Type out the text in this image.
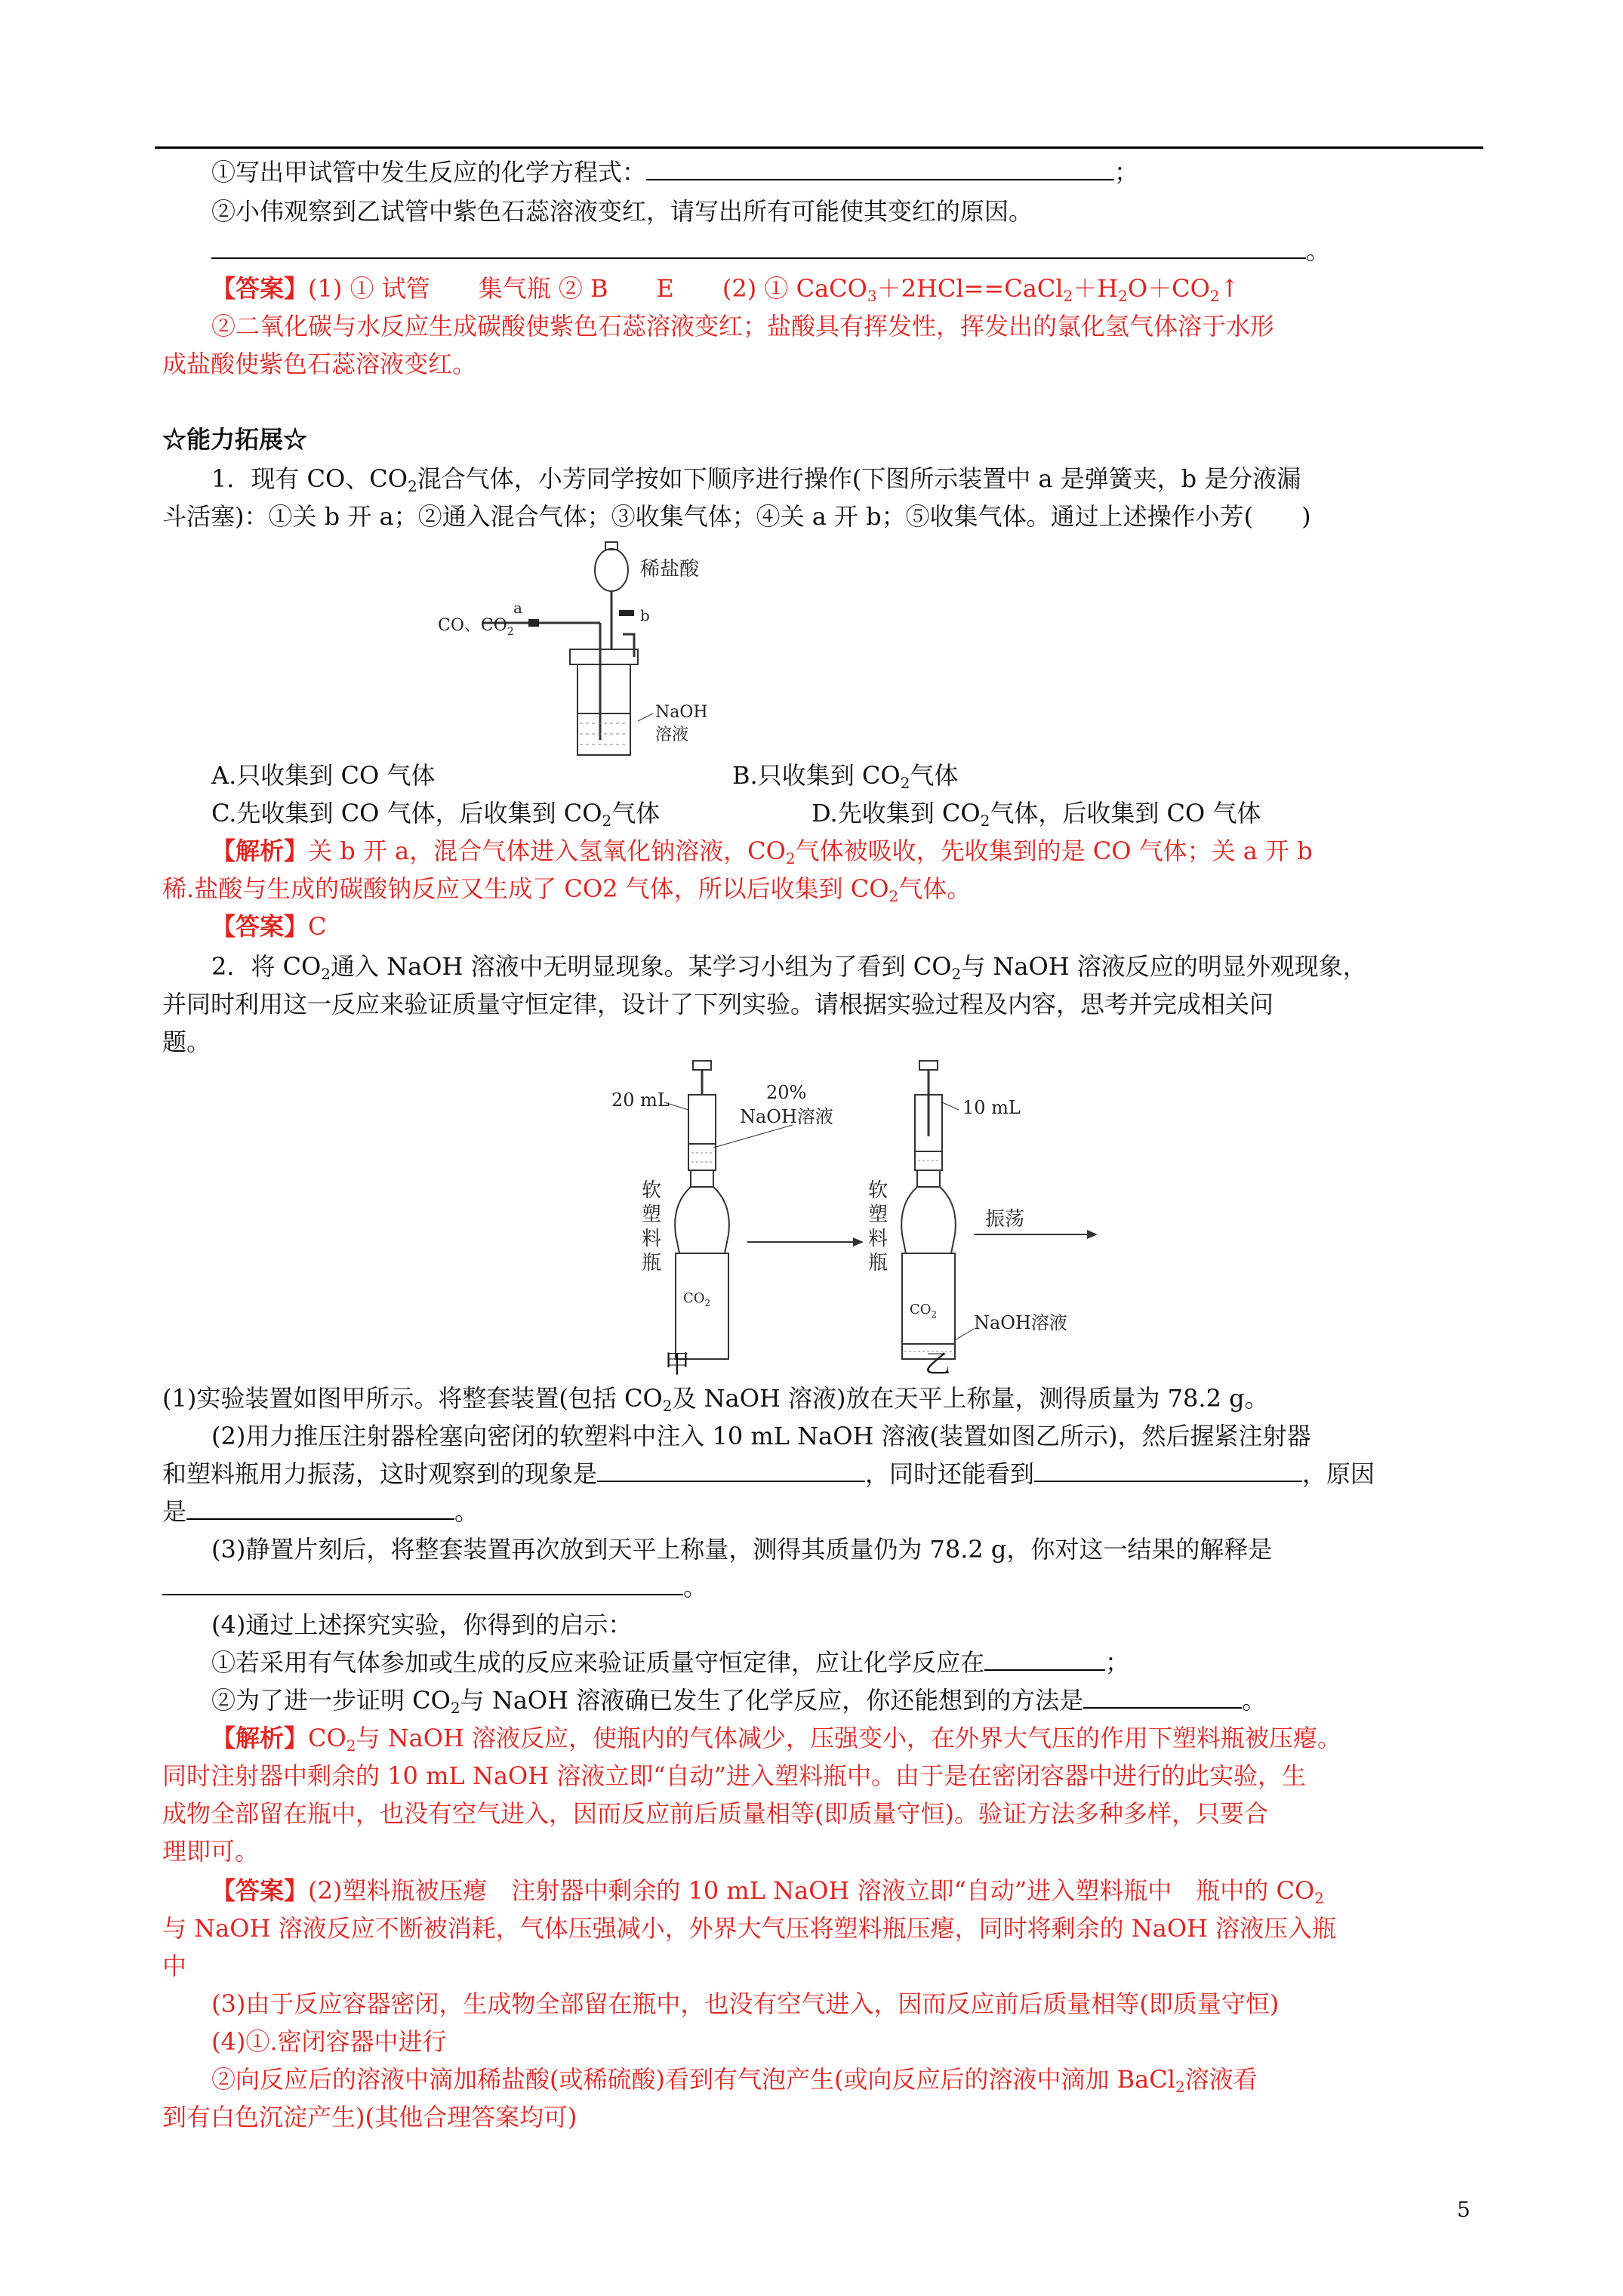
①写出甲试管中发生反应的化学方程式：	；
②小伟观察到乙试管中紫色石蕊溶液变红，请写出所有可能使其变红的原因。
。
【答案】(1) ① 试管　　集气瓶 ② B　　E　　(2) ① $CaCO_3+2HCl==CaCl_2+H_2O+CO_2↑$
②二氧化碳与水反应生成碳酸使紫色石蕊溶液变红；盐酸具有挥发性，挥发出的氯化氢气体溶于水形
成盐酸使紫色石蕊溶液变红。
☆能力拓展☆
1．现有 CO、$CO_2$混合气体，小芳同学按如下顺序进行操作(下图所示装置中 a 是弹簧夹，b 是分液漏
斗活塞)：①关 b 开 a；②通入混合气体；③收集气体；④关 a 开 b；⑤收集气体。通过上述操作小芳(　　)
稀盐酸
CO、$CO_2$
a	b
NaOH
溶液
A.只收集到 CO 气体	B.只收集到 $CO_2$气体
C.先收集到 CO 气体，后收集到 $CO_2$气体	D.先收集到 $CO_2$气体，后收集到 CO 气体
【解析】关 b 开 a，混合气体进入氢氧化钠溶液，$CO_2$气体被吸收，先收集到的是 CO 气体；关 a 开 b
稀.盐酸与生成的碳酸钠反应又生成了 CO2 气体，所以后收集到 $CO_2$气体。
【答案】C
2．将 $CO_2$通入 NaOH 溶液中无明显现象。某学习小组为了看到 $CO_2$与 NaOH 溶液反应的明显外观现象，
并同时利用这一反应来验证质量守恒定律，设计了下列实验。请根据实验过程及内容，思考并完成相关问
题。
20 mL	20%
NaOH溶液	10 mL
软
塑
料
瓶
软
塑
料
瓶
振荡
$CO_2$	$CO_2$ NaOH溶液
甲	乙
(1)实验装置如图甲所示。将整套装置(包括 $CO_2$及 NaOH 溶液)放在天平上称量，测得质量为 78.2 g。
(2)用力推压注射器栓塞向密闭的软塑料中注入 10 mL NaOH 溶液(装置如图乙所示)，然后握紧注射器
和塑料瓶用力振荡，这时观察到的现象是	，同时还能看到	，原因
是	。
(3)静置片刻后，将整套装置再次放到天平上称量，测得其质量仍为 78.2 g，你对这一结果的解释是
。
(4)通过上述探究实验，你得到的启示：
①若采用有气体参加或生成的反应来验证质量守恒定律，应让化学反应在	；
②为了进一步证明 $CO_2$与 NaOH 溶液确已发生了化学反应，你还能想到的方法是	。
【解析】$CO_2$与 NaOH 溶液反应，使瓶内的气体减少，压强变小，在外界大气压的作用下塑料瓶被压瘪。
同时注射器中剩余的 10 mL NaOH 溶液立即“自动”进入塑料瓶中。由于是在密闭容器中进行的此实验，生
成物全部留在瓶中，也没有空气进入，因而反应前后质量相等(即质量守恒)。验证方法多种多样，只要合
理即可。
【答案】(2)塑料瓶被压瘪　注射器中剩余的 10 mL NaOH 溶液立即“自动”进入塑料瓶中　瓶中的 $CO_2$
与 NaOH 溶液反应不断被消耗，气体压强减小，外界大气压将塑料瓶压瘪，同时将剩余的 NaOH 溶液压入瓶
中
(3)由于反应容器密闭，生成物全部留在瓶中，也没有空气进入，因而反应前后质量相等(即质量守恒)
(4)①.密闭容器中进行
②向反应后的溶液中滴加稀盐酸(或稀硫酸)看到有气泡产生(或向反应后的溶液中滴加 BaCl$_2$溶液看
到有白色沉淀产生)(其他合理答案均可)
5
